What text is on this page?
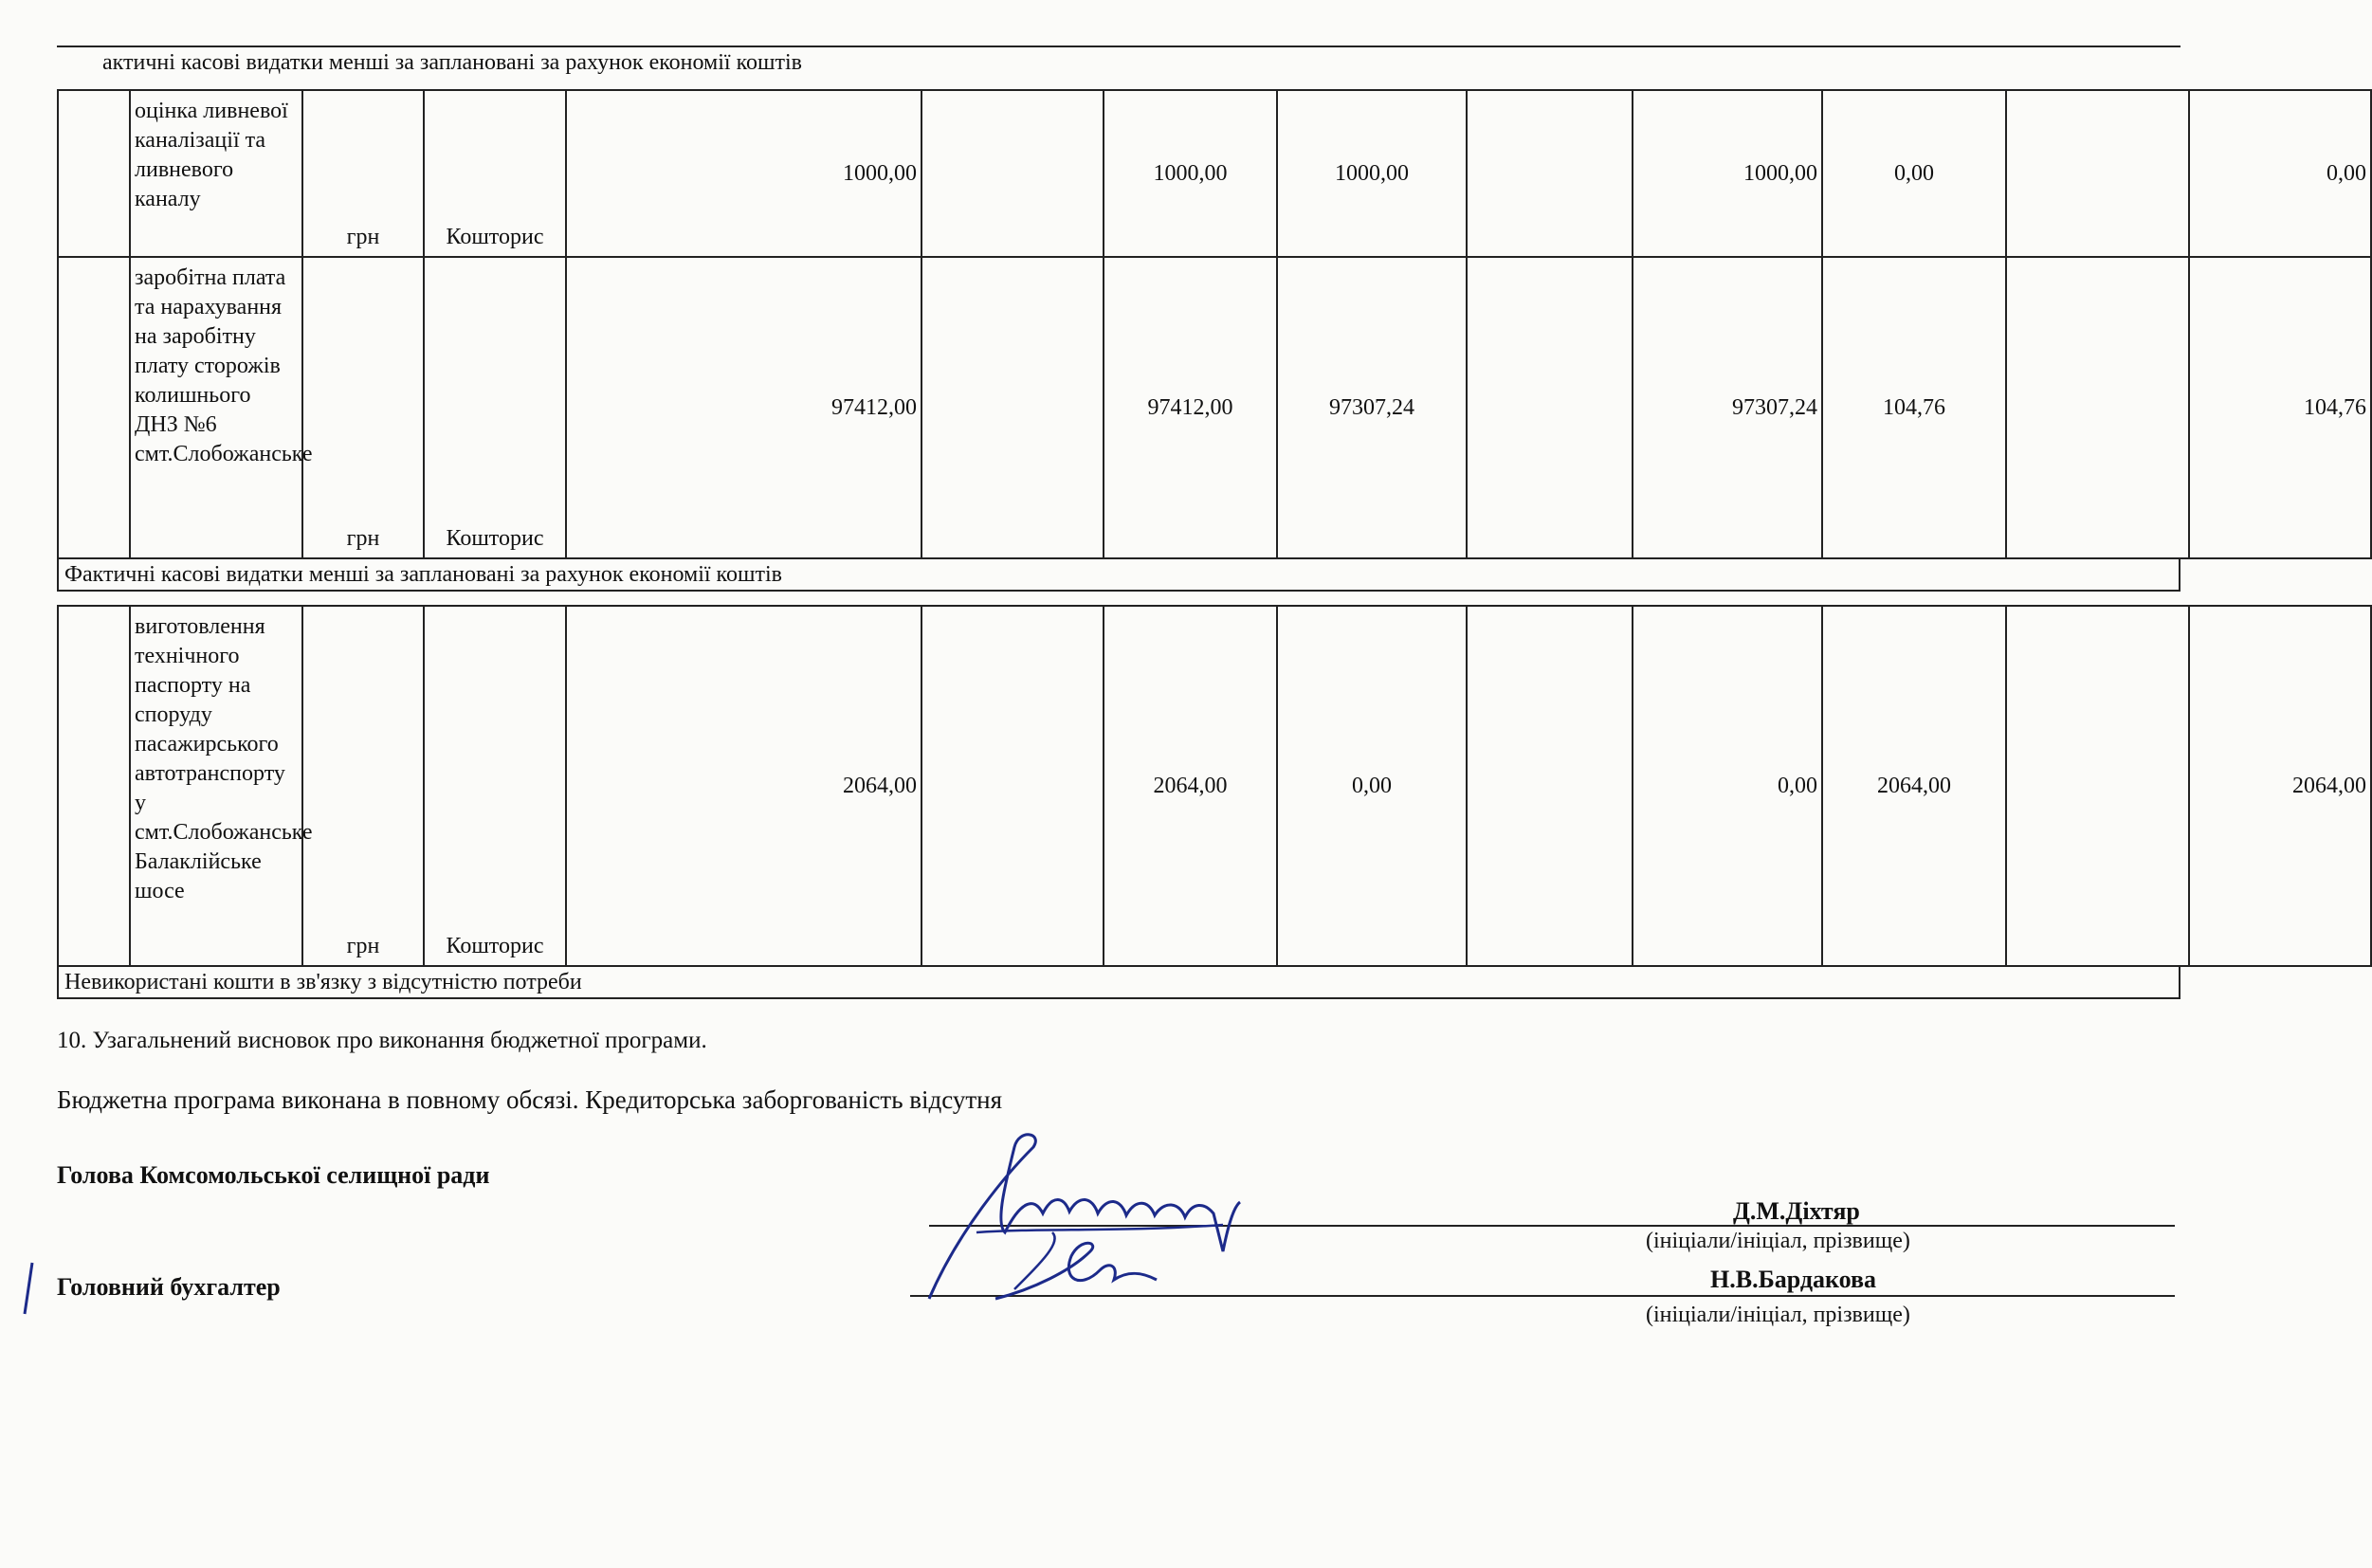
актичні касові видатки менші за заплановані за рахунок економії коштів
	оцінка ливневої каналізації та ливневого каналу	грн	Кошторис	1000,00		1000,00	1000,00		1000,00	0,00		0,00
	заробітна плата та нарахування на заробітну плату сторожів колишнього ДНЗ №6 смт.Слобожанське	грн	Кошторис	97412,00		97412,00	97307,24		97307,24	104,76		104,76
Фактичні касові видатки менші за заплановані за рахунок економії коштів
	виготовлення технічного паспорту на споруду пасажирського автотранспорту у смт.Слобожанське Балаклійське шосе	грн	Кошторис	2064,00		2064,00	0,00		0,00	2064,00		2064,00
Невикористані кошти в зв'язку з відсутністю потреби
10. Узагальнений висновок про виконання бюджетної програми.
Бюджетна програма виконана в повному обсязі. Кредиторська заборгованість відсутня
Голова Комсомольської селищної ради
Д.М.Діхтяр
(ініціали/ініціал, прізвище)
Головний бухгалтер	Н.В.Бардакова
(ініціали/ініціал, прізвище)
